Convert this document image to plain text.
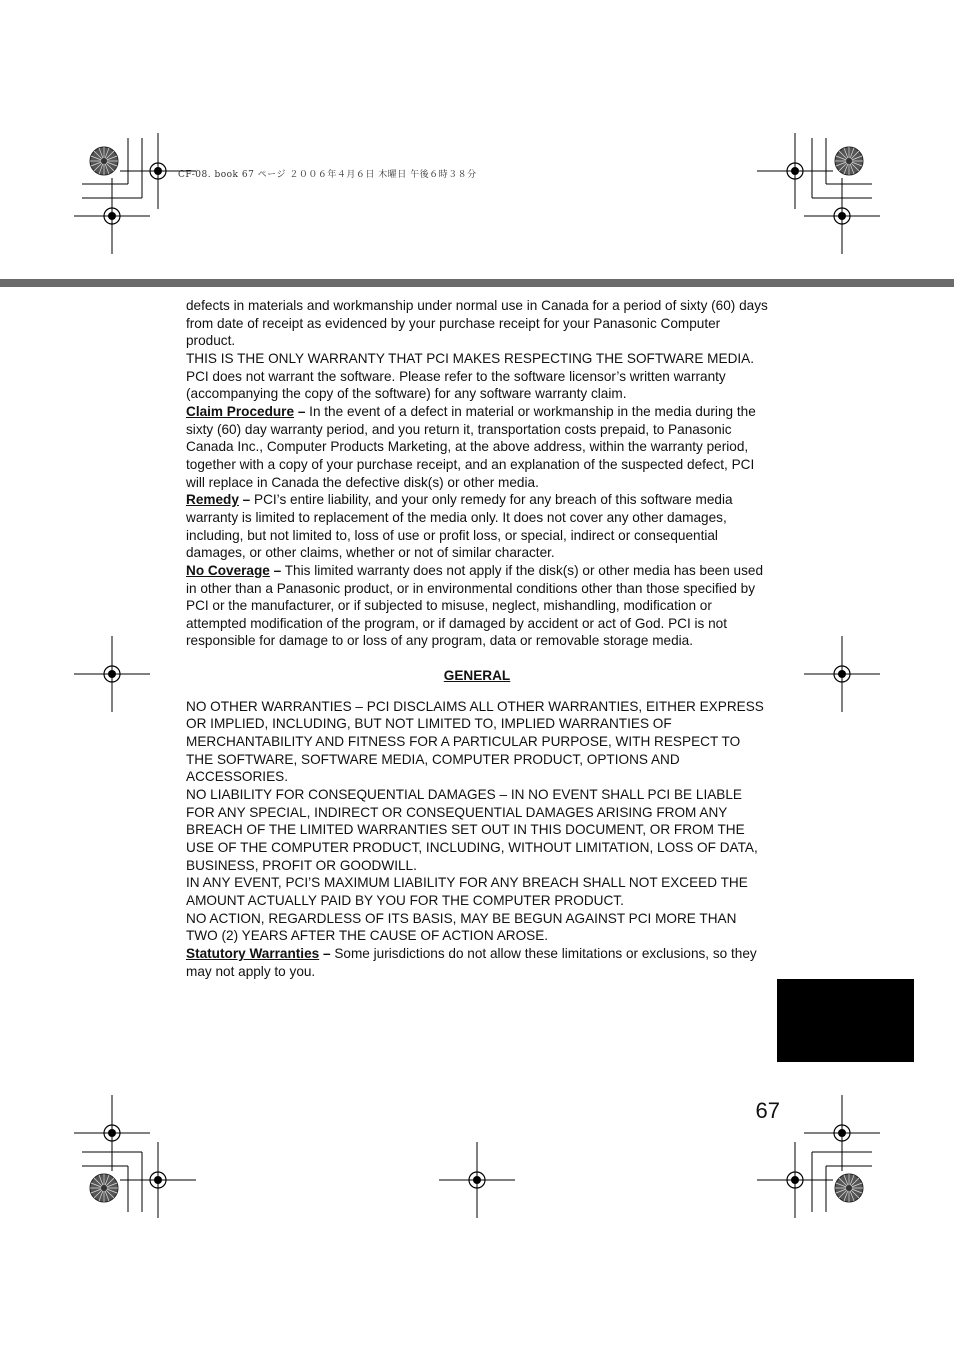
CF-08. book 67 ページ ２００６年４月６日 木曜日 午後６時３８分

defects in materials and workmanship under normal use in Canada for a period of sixty (60) days from date of receipt as evidenced by your purchase receipt for your Panasonic Computer product.

THIS IS THE ONLY WARRANTY THAT PCI MAKES RESPECTING THE SOFTWARE MEDIA. PCI does not warrant the software. Please refer to the software licensor’s written warranty (accompanying the copy of the software) for any software warranty claim.

Claim Procedure – In the event of a defect in material or workmanship in the media during the sixty (60) day warranty period, and you return it, transportation costs prepaid, to Panasonic Canada Inc., Computer Products Marketing, at the above address, within the warranty period, together with a copy of your purchase receipt, and an explanation of the suspected defect, PCI will replace in Canada the defective disk(s) or other media.

Remedy – PCI’s entire liability, and your only remedy for any breach of this software media warranty is limited to replacement of the media only. It does not cover any other damages, including, but not limited to, loss of use or profit loss, or special, indirect or consequential damages, or other claims, whether or not of similar character.

No Coverage – This limited warranty does not apply if the disk(s) or other media has been used in other than a Panasonic product, or in environmental conditions other than those specified by PCI or the manufacturer, or if subjected to misuse, neglect, mishandling, modification or attempted modification of the program, or if damaged by accident or act of God. PCI is not responsible for damage to or loss of any program, data or removable storage media.

GENERAL

NO OTHER WARRANTIES – PCI DISCLAIMS ALL OTHER WARRANTIES, EITHER EXPRESS OR IMPLIED, INCLUDING, BUT NOT LIMITED TO, IMPLIED WARRANTIES OF MERCHANTABILITY AND FITNESS FOR A PARTICULAR PURPOSE, WITH RESPECT TO THE SOFTWARE, SOFTWARE MEDIA, COMPUTER PRODUCT, OPTIONS AND ACCESSORIES.

NO LIABILITY FOR CONSEQUENTIAL DAMAGES – IN NO EVENT SHALL PCI BE LIABLE FOR ANY SPECIAL, INDIRECT OR CONSEQUENTIAL DAMAGES ARISING FROM ANY BREACH OF THE LIMITED WARRANTIES SET OUT IN THIS DOCUMENT, OR FROM THE USE OF THE COMPUTER PRODUCT, INCLUDING, WITHOUT LIMITATION, LOSS OF DATA, BUSINESS, PROFIT OR GOODWILL.

IN ANY EVENT, PCI’S MAXIMUM LIABILITY FOR ANY BREACH SHALL NOT EXCEED THE AMOUNT ACTUALLY PAID BY YOU FOR THE COMPUTER PRODUCT.

NO ACTION, REGARDLESS OF ITS BASIS, MAY BE BEGUN AGAINST PCI MORE THAN TWO (2) YEARS AFTER THE CAUSE OF ACTION AROSE.

Statutory Warranties – Some jurisdictions do not allow these limitations or exclusions, so they may not apply to you.

67
